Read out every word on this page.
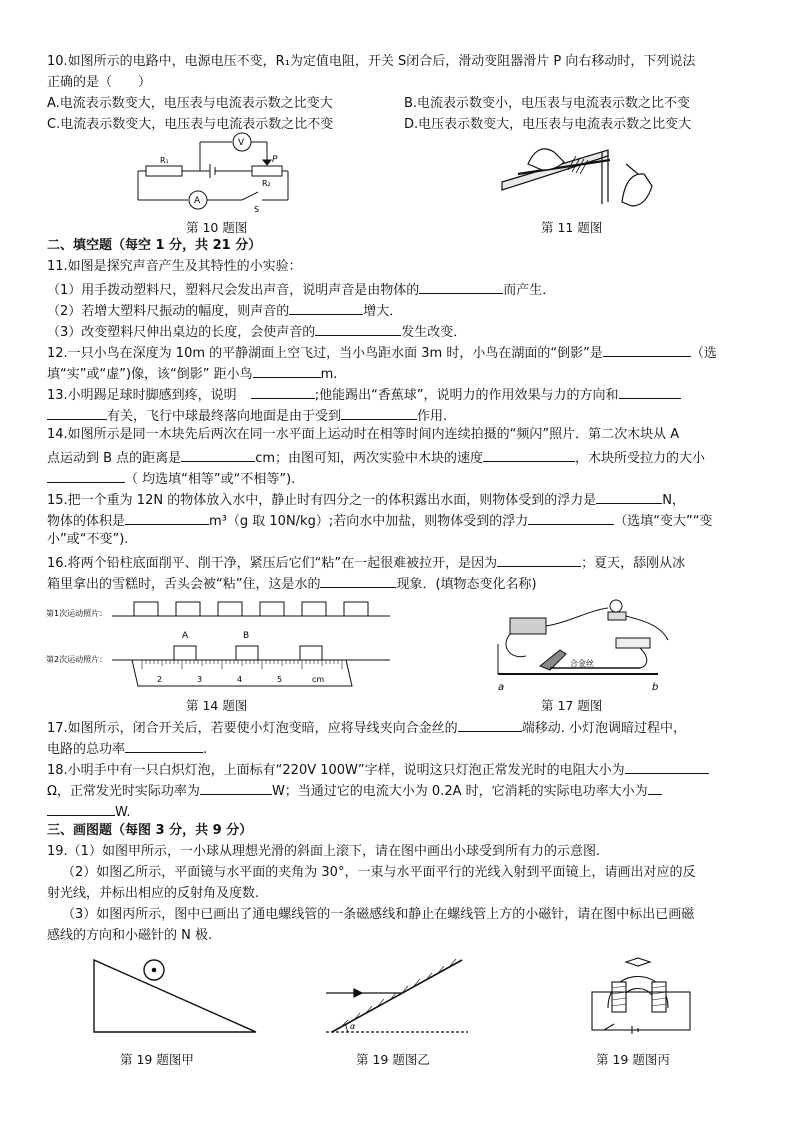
10.如图所示的电路中，电源电压不变，R₁为定值电阻，开关 S闭合后，滑动变阻器滑片 P 向右移动时，下列说法
正确的是（　　）
A.电流表示数变大，电压表与电流表示数之比变大	B.电流表示数变小，电压表与电流表示数之比不变
C.电流表示数变大，电压表与电流表示数之比不变	D.电压表示数变大，电压表与电流表示数之比变大
R₁
R₂
P
V
A
S
第 10 题图	第 11 题图
二、填空题（每空 1 分，共 21 分）
11.如图是探究声音产生及其特性的小实验：
（1）用手拨动塑料尺，塑料尺会发出声音，说明声音是由物体的	而产生．
（2）若增大塑料尺振动的幅度，则声音的	增大．
（3）改变塑料尺伸出桌边的长度，会使声音的	发生改变．
12.一只小鸟在深度为 10m 的平静湖面上空飞过，当小鸟距水面 3m 时，小鸟在湖面的“倒影”是	（选
填“实”或“虚”)像，该“倒影” 距小鸟	m.
13.小明踢足球时脚感到疼，说明	;他能踢出“香蕉球”，说明力的作用效果与力的方向和
有关，飞行中球最终落向地面是由于受到	作用.
14.如图所示是同一木块先后两次在同一水平面上运动时在相等时间内连续拍摄的“频闪”照片．第二次木块从 A
点运动到 B 点的距离是	cm；由图可知，两次实验中木块的速度	，木块所受拉力的大小
（ 均选填“相等”或“不相等”).
15.把一个重为 12N 的物体放入水中，静止时有四分之一的体积露出水面，则物体受到的浮力是	N，
物体的体积是	m³（g 取 10N/kg）;若向水中加盐，则物体受到的浮力	（选填“变大”“变
小”或“不变”).
16.将两个铅柱底面削平、削干净，紧压后它们“粘”在一起很难被拉开，是因为	；夏天，舔刚从冰
箱里拿出的雪糕时，舌头会被“粘”住，这是水的	现象．(填物态变化名称)
第1次运动照片：
第2次运动照片：
A	B
2	3	4	5	cm
第 14 题图
合金丝
a	b
第 17 题图
17.如图所示，闭合开关后，若要使小灯泡变暗，应将导线夹向合金丝的	端移动. 小灯泡调暗过程中，
电路的总功率	.
18.小明手中有一只白炽灯泡，上面标有“220V 100W”字样，说明这只灯泡正常发光时的电阻大小为
Ω，正常发光时实际功率为	W；当通过它的电流大小为 0.2A 时，它消耗的实际电功率大小为
W.
三、画图题（每图 3 分，共 9 分）
19.（1）如图甲所示，一小球从理想光滑的斜面上滚下，请在图中画出小球受到所有力的示意图.
（2）如图乙所示，平面镜与水平面的夹角为 30°，一束与水平面平行的光线入射到平面镜上，请画出对应的反
射光线，并标出相应的反射角及度数.
（3）如图丙所示，图中已画出了通电螺线管的一条磁感线和静止在螺线管上方的小磁针，请在图中标出已画磁
感线的方向和小磁针的 N 极.
第 19 题图甲
α
第 19 题图乙	第 19 题图丙
